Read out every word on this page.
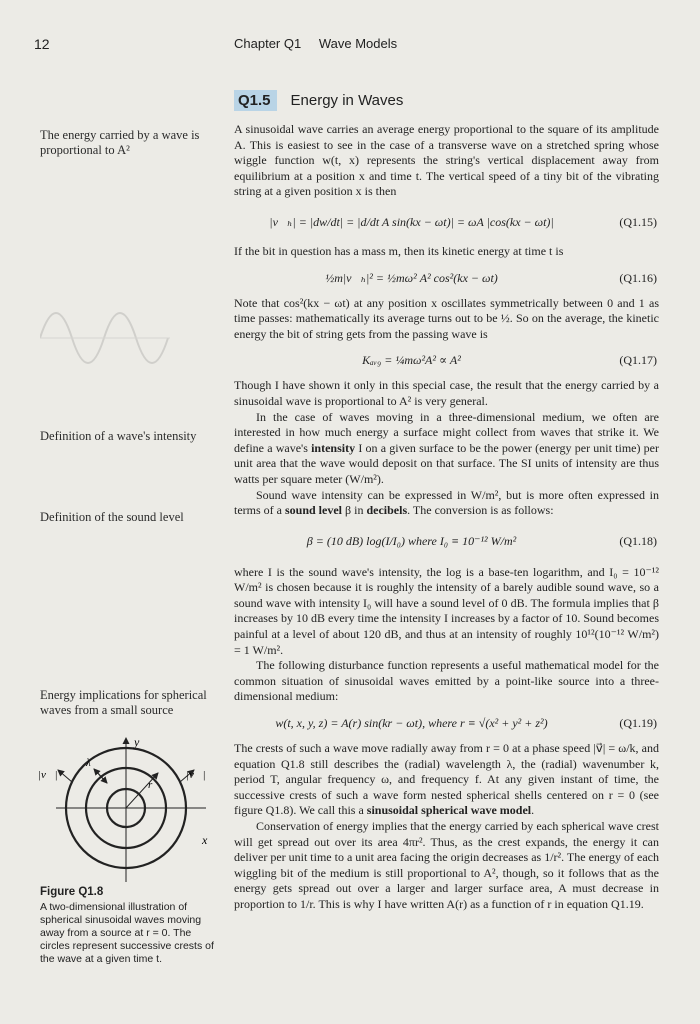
12	Chapter Q1 Wave Models
Q1.5	Energy in Waves
The energy carried by a wave is proportional to A²
Definition of a wave's intensity
Definition of the sound level
Energy implications for spherical waves from a small source

A sinusoidal wave carries an average energy proportional to the square of its amplitude A. This is easiest to see in the case of a transverse wave on a stretched spring whose wiggle function w(t, x) represents the string's vertical displacement away from equilibrium at a position x and time t. The vertical speed of a tiny bit of the vibrating string at a given position x is then

|v⃗ₕ| = |dw/dt| = |d/dt A sin(kx − ωt)| = ωA |cos(kx − ωt)|	(Q1.15)

If the bit in question has a mass m, then its kinetic energy at time t is

½m|v⃗ₕ|² = ½mω² A² cos²(kx − ωt)	(Q1.16)

Note that cos²(kx − ωt) at any position x oscillates symmetrically between 0 and 1 as time passes: mathematically its average turns out to be ½. So on the average, the kinetic energy the bit of string gets from the passing wave is

Kₐᵥ₉ = ¼mω²A² ∝ A²	(Q1.17)

Though I have shown it only in this special case, the result that the energy carried by a sinusoidal wave is proportional to A² is very general.

In the case of waves moving in a three-dimensional medium, we often are interested in how much energy a surface might collect from waves that strike it. We define a wave's intensity I on a given surface to be the power (energy per unit time) per unit area that the wave would deposit on that surface. The SI units of intensity are thus watts per square meter (W/m²).

Sound wave intensity can be expressed in W/m², but is more often expressed in terms of a sound level β in decibels. The conversion is as follows:

β = (10 dB) log(I/I₀) where I₀ ≡ 10⁻¹² W/m²	(Q1.18)

where I is the sound wave's intensity, the log is a base-ten logarithm, and I₀ = 10⁻¹² W/m² is chosen because it is roughly the intensity of a barely audible sound wave, so a sound wave with intensity I₀ will have a sound level of 0 dB. The formula implies that β increases by 10 dB every time the intensity I increases by a factor of 10. Sound becomes painful at a level of about 120 dB, and thus at an intensity of roughly 10¹²(10⁻¹² W/m²) = 1 W/m².

The following disturbance function represents a useful mathematical model for the common situation of sinusoidal waves emitted by a point-like source into a three-dimensional medium:

w(t, x, y, z) = A(r) sin(kr − ωt), where r ≡ √(x² + y² + z²)	(Q1.19)

The crests of such a wave move radially away from r = 0 at a phase speed |v⃗| = ω/k, and equation Q1.8 still describes the (radial) wavelength λ, the (radial) wavenumber k, period T, angular frequency ω, and frequency f. At any given instant of time, the successive crests of such a wave form nested spherical shells centered on r = 0 (see figure Q1.8). We call this a sinusoidal spherical wave model.

Conservation of energy implies that the energy carried by each spherical wave crest will get spread out over its area 4πr². Thus, as the crest expands, the energy it can deliver per unit time to a unit area facing the origin decreases as 1/r². The energy of each wiggling bit of the medium is still proportional to A², though, so it follows that as the energy gets spread out over a larger and larger surface area, A must decrease in proportion to 1/r. This is why I have written A(r) as a function of r in equation Q1.19.

y
x
r
λ
|v⃗|	|v⃗|
Figure Q1.8
A two-dimensional illustration of spherical sinusoidal waves moving away from a source at r = 0. The circles represent successive crests of the wave at a given time t.
